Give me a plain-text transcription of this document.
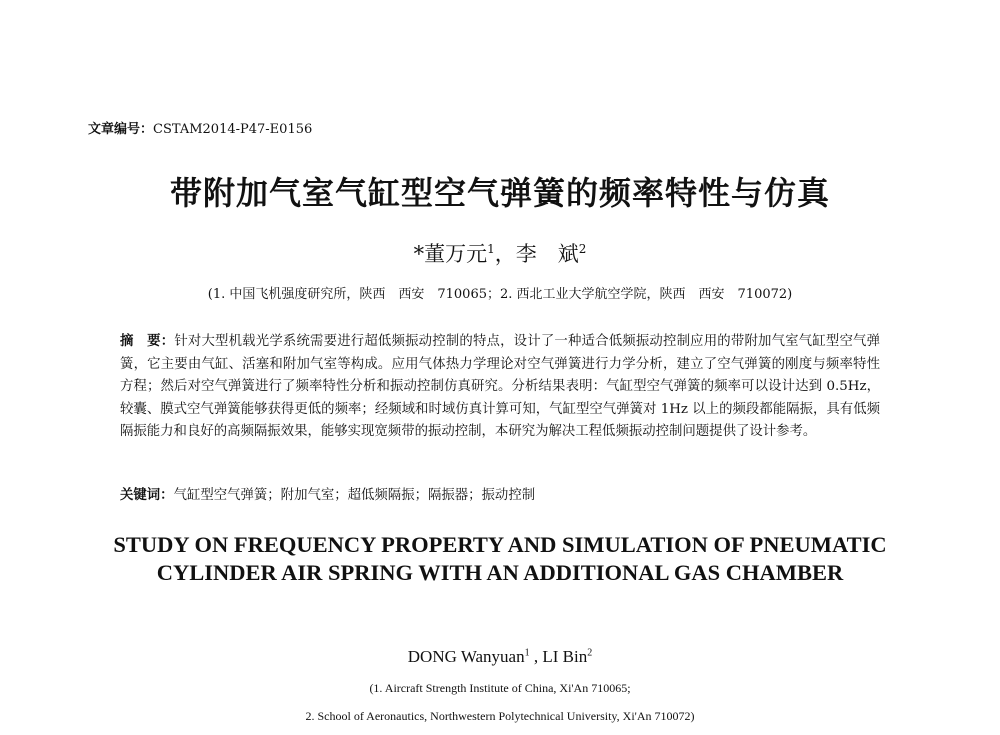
文章编号：CSTAM2014-P47-E0156
带附加气室气缸型空气弹簧的频率特性与仿真
*董万元$^1$，李　斌$^2$
(1. 中国飞机强度研究所，陕西　西安　710065；2. 西北工业大学航空学院，陕西　西安　710072)
摘　要：针对大型机载光学系统需要进行超低频振动控制的特点，设计了一种适合低频振动控制应用的带附加气室气缸型空气弹簧，它主要由气缸、活塞和附加气室等构成。应用气体热力学理论对空气弹簧进行力学分析，建立了空气弹簧的刚度与频率特性方程；然后对空气弹簧进行了频率特性分析和振动控制仿真研究。分析结果表明：气缸型空气弹簧的频率可以设计达到 0.5Hz，较囊、膜式空气弹簧能够获得更低的频率；经频域和时域仿真计算可知，气缸型空气弹簧对 1Hz 以上的频段都能隔振，具有低频隔振能力和良好的高频隔振效果，能够实现宽频带的振动控制，本研究为解决工程低频振动控制问题提供了设计参考。
关键词：气缸型空气弹簧；附加气室；超低频隔振；隔振器；振动控制
STUDY ON FREQUENCY PROPERTY AND SIMULATION OF PNEUMATIC CYLINDER AIR SPRING WITH AN ADDITIONAL GAS CHAMBER
DONG Wanyuan$^1$ , LI Bin$^2$
(1. Aircraft Strength Institute of China, Xi'An 710065;
2. School of Aeronautics, Northwestern Polytechnical University, Xi'An 710072)
